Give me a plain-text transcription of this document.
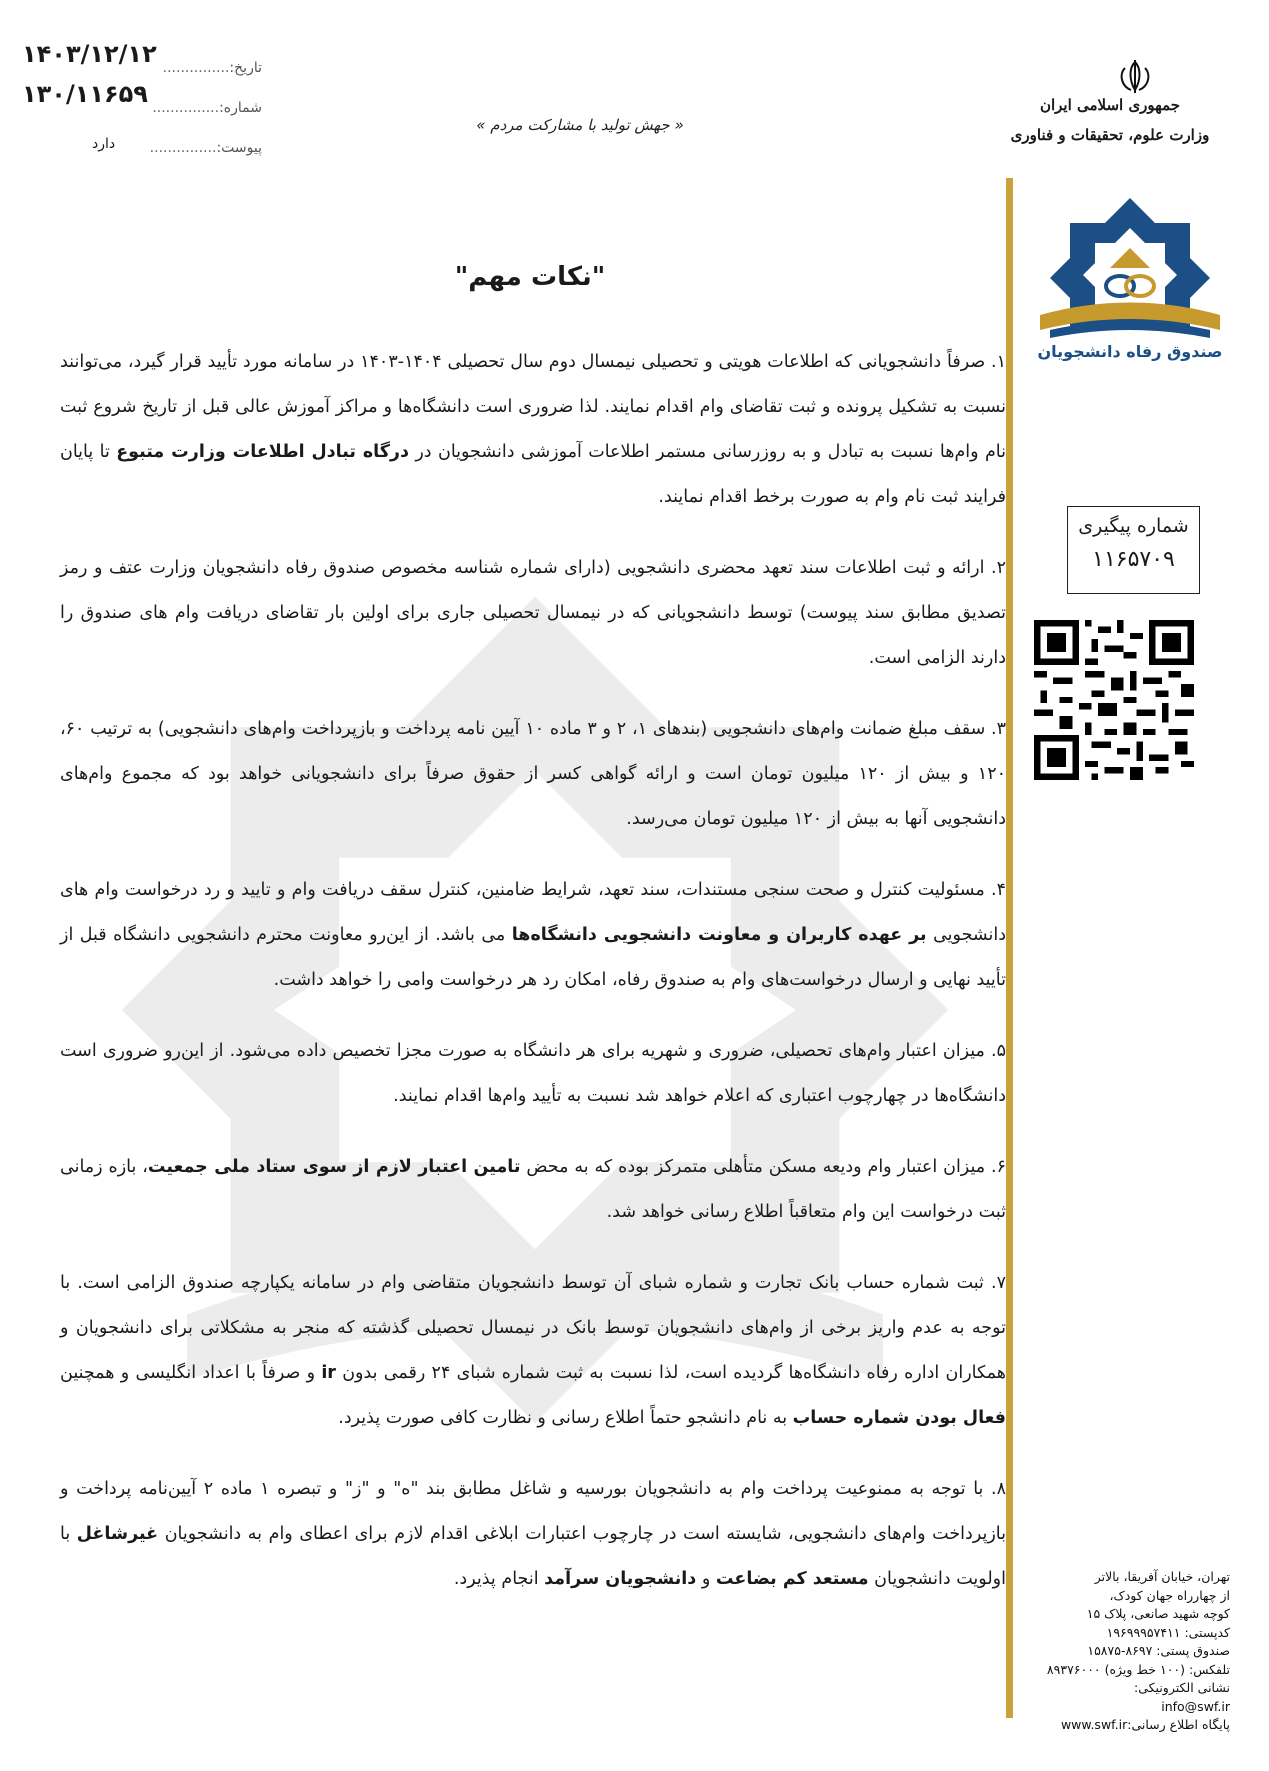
۱۴۰۳/۱۲/۱۲	تاریخ:...............
۱۳۰/۱۱۶۵۹	شماره:...............
دارد	پیوست:...............
« جهش تولید با مشارکت مردم »
جمهوری اسلامی ایران
وزارت علوم، تحقیقات و فناوری
صندوق رفاه دانشجویان
شماره پیگیری
۱۱۶۵۷۰۹
"نکات مهم"

۱. صرفاً دانشجویانی که اطلاعات هویتی و تحصیلی نیمسال دوم سال تحصیلی ۱۴۰۴-۱۴۰۳ در سامانه مورد تأیید قرار گیرد، می‌توانند نسبت به تشکیل پرونده و ثبت تقاضای وام اقدام نمایند. لذا ضروری است دانشگاه‌ها و مراکز آموزش عالی قبل از تاریخ شروع ثبت نام وام‌ها نسبت به تبادل و به روزرسانی مستمر اطلاعات آموزشی دانشجویان در درگاه تبادل اطلاعات وزارت متبوع تا پایان فرایند ثبت نام وام به صورت برخط اقدام نمایند.

۲. ارائه و ثبت اطلاعات سند تعهد محضری دانشجویی (دارای شماره شناسه مخصوص صندوق رفاه دانشجویان وزارت عتف و رمز تصدیق مطابق سند پیوست) توسط دانشجویانی که در نیمسال تحصیلی جاری برای اولین بار تقاضای دریافت وام های صندوق را دارند الزامی است.

۳. سقف مبلغ ضمانت وام‌های دانشجویی (بندهای ۱، ۲ و ۳ ماده ۱۰ آیین نامه پرداخت و بازپرداخت وام‌های دانشجویی) به ترتیب ۶۰، ۱۲۰ و بیش از ۱۲۰ میلیون تومان است و ارائه گواهی کسر از حقوق صرفاً برای دانشجویانی خواهد بود که مجموع وام‌های دانشجویی آنها به بیش از ۱۲۰ میلیون تومان می‌رسد.

۴. مسئولیت کنترل و صحت سنجی مستندات، سند تعهد، شرایط ضامنین، کنترل سقف دریافت وام و تایید و رد درخواست وام های دانشجویی بر عهده کاربران و معاونت دانشجویی دانشگاه‌ها می باشد. از این‌رو معاونت محترم دانشجویی دانشگاه قبل از تأیید نهایی و ارسال درخواست‌های وام به صندوق رفاه، امکان رد هر درخواست وامی را خواهد داشت.

۵. میزان اعتبار وام‌های تحصیلی، ضروری و شهریه برای هر دانشگاه به صورت مجزا تخصیص داده می‌شود. از این‌رو ضروری است دانشگاه‌ها در چهارچوب اعتباری که اعلام خواهد شد نسبت به تأیید وام‌ها اقدام نمایند.

۶. میزان اعتبار وام ودیعه مسکن متأهلی متمرکز بوده که به محض تامین اعتبار لازم از سوی ستاد ملی جمعیت، بازه زمانی ثبت درخواست این وام متعاقباً اطلاع رسانی خواهد شد.

۷. ثبت شماره حساب بانک تجارت و شماره شبای آن توسط دانشجویان متقاضی وام در سامانه یکپارچه صندوق الزامی است. با توجه به عدم واریز برخی از وام‌های دانشجویان توسط بانک در نیمسال تحصیلی گذشته که منجر به مشکلاتی برای دانشجویان و همکاران اداره رفاه دانشگاه‌ها گردیده است، لذا نسبت به ثبت شماره شبای ۲۴ رقمی بدون ir و صرفاً با اعداد انگلیسی و همچنین فعال بودن شماره حساب به نام دانشجو حتماً اطلاع رسانی و نظارت کافی صورت پذیرد.

۸. با توجه به ممنوعیت پرداخت وام به دانشجویان بورسیه و شاغل مطابق بند "ه" و "ز" و تبصره ۱ ماده ۲ آیین‌نامه پرداخت و بازپرداخت وام‌های دانشجویی، شایسته است در چارچوب اعتبارات ابلاغی اقدام لازم برای اعطای وام به دانشجویان غیرشاغل با اولویت دانشجویان مستعد کم بضاعت و دانشجویان سرآمد انجام پذیرد.	تهران، خیابان آفریقا، بالاتر
از چهارراه جهان کودک،
کوچه شهید صانعی، پلاک ۱۵
کدپستی: ۱۹۶۹۹۹۵۷۴۱۱
صندوق پستی: ۸۶۹۷-۱۵۸۷۵
تلفکس: (۱۰۰ خط ویژه) ۸۹۳۷۶۰۰۰
نشانی الکترونیکی:
info@swf.ir
پایگاه اطلاع رسانی:www.swf.ir
